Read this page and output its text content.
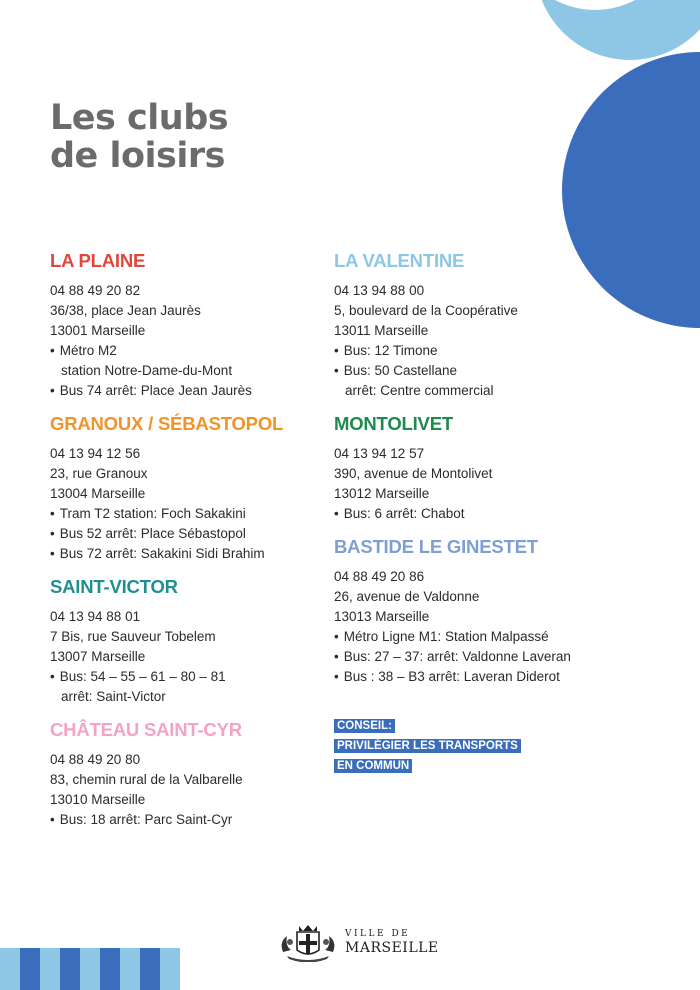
Les clubs
de loisirs
LA PLAINE
04 88 49 20 82
36/38, place Jean Jaurès
13001 Marseille
• Métro M2
station Notre-Dame-du-Mont
• Bus 74 arrêt: Place Jean Jaurès
GRANOUX / SÉBASTOPOL
04 13 94 12 56
23, rue Granoux
13004 Marseille
• Tram T2 station: Foch Sakakini
• Bus 52 arrêt: Place Sébastopol
• Bus 72 arrêt: Sakakini Sidi Brahim
SAINT-VICTOR
04 13 94 88 01
7 Bis, rue Sauveur Tobelem
13007 Marseille
• Bus: 54 – 55 – 61 – 80 – 81
arrêt: Saint-Victor
CHÂTEAU SAINT-CYR
04 88 49 20 80
83, chemin rural de la Valbarelle
13010 Marseille
• Bus: 18 arrêt: Parc Saint-Cyr
LA VALENTINE
04 13 94 88 00
5, boulevard de la Coopérative
13011 Marseille
• Bus: 12 Timone
• Bus: 50 Castellane
arrêt: Centre commercial
MONTOLIVET
04 13 94 12 57
390, avenue de Montolivet
13012 Marseille
• Bus: 6 arrêt: Chabot
BASTIDE LE GINESTET
04 88 49 20 86
26, avenue de Valdonne
13013 Marseille
• Métro Ligne M1: Station Malpassé
• Bus: 27 – 37: arrêt: Valdonne Laveran
• Bus : 38 – B3 arrêt: Laveran Diderot
CONSEIL:
PRIVILÉGIER LES TRANSPORTS
EN COMMUN
VILLE DE
MARSEILLE
